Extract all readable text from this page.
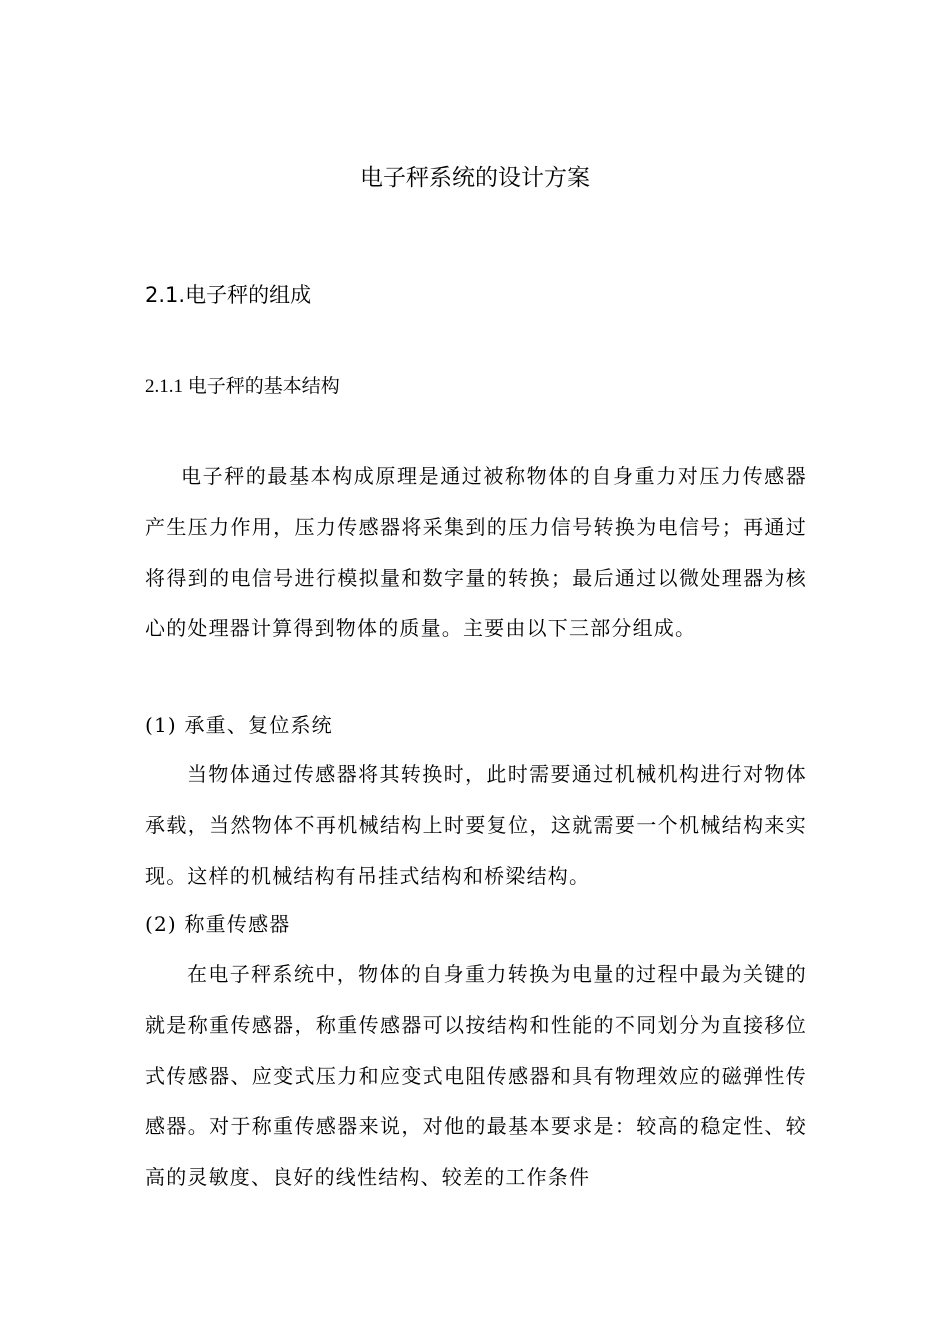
电子秤系统的设计方案
2.1.电子秤的组成
2.1.1 电子秤的基本结构

电子秤的最基本构成原理是通过被称物体的自身重力对压力传感器产生压力作用，压力传感器将采集到的压力信号转换为电信号；再通过将得到的电信号进行模拟量和数字量的转换；最后通过以微处理器为核心的处理器计算得到物体的质量。主要由以下三部分组成。

(1) 承重、复位系统

当物体通过传感器将其转换时，此时需要通过机械机构进行对物体承载，当然物体不再机械结构上时要复位，这就需要一个机械结构来实现。这样的机械结构有吊挂式结构和桥梁结构。

(2) 称重传感器

在电子秤系统中，物体的自身重力转换为电量的过程中最为关键的就是称重传感器，称重传感器可以按结构和性能的不同划分为直接移位式传感器、应变式压力和应变式电阻传感器和具有物理效应的磁弹性传感器。对于称重传感器来说，对他的最基本要求是：较高的稳定性、较高的灵敏度、良好的线性结构、较差的工作条件
